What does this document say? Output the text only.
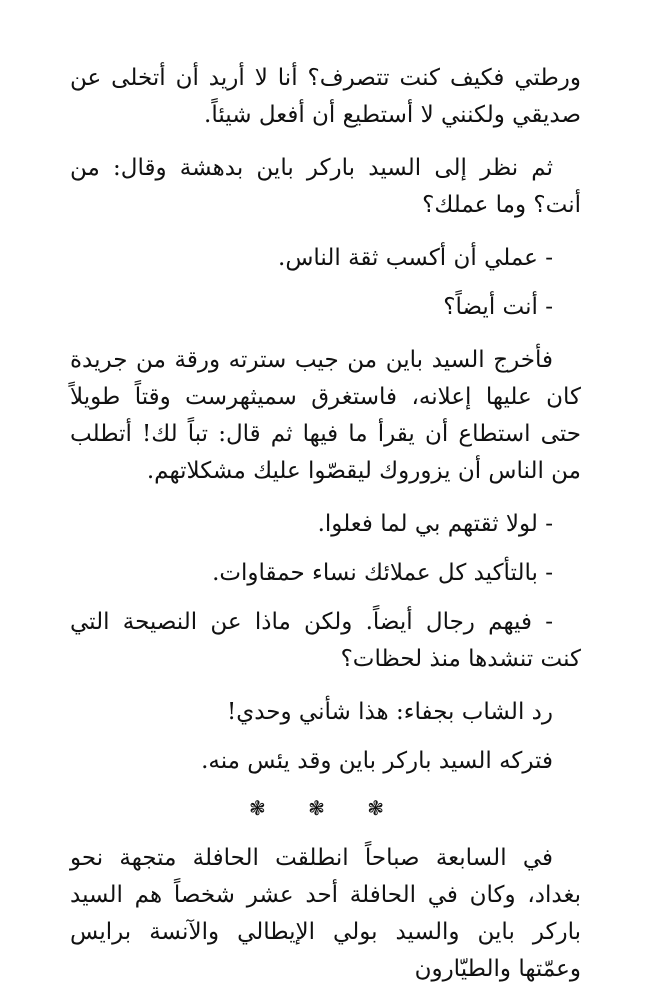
ورطتي فكيف كنت تتصرف؟ أنا لا أريد أن أتخلى عن صديقي ولكنني لا أستطيع أن أفعل شيئاً.

ثم نظر إلى السيد باركر باين بدهشة وقال: من أنت؟ وما عملك؟

- عملي أن أكسب ثقة الناس.

- أنت أيضاً؟

فأخرج السيد باين من جيب سترته ورقة من جريدة كان عليها إعلانه، فاستغرق سميثهرست وقتاً طويلاً حتى استطاع أن يقرأ ما فيها ثم قال: تباً لك! أتطلب من الناس أن يزوروك ليقصّوا عليك مشكلاتهم.

- لولا ثقتهم بي لما فعلوا.

- بالتأكيد كل عملائك نساء حمقاوات.

- فيهم رجال أيضاً. ولكن ماذا عن النصيحة التي كنت تنشدها منذ لحظات؟

رد الشاب بجفاء: هذا شأني وحدي!

فتركه السيد باركر باين وقد يئس منه.

❃ ❃ ❃

في السابعة صباحاً انطلقت الحافلة متجهة نحو بغداد، وكان في الحافلة أحد عشر شخصاً هم السيد باركر باين والسيد بولي الإيطالي والآنسة برايس وعمّتها والطيّارون
